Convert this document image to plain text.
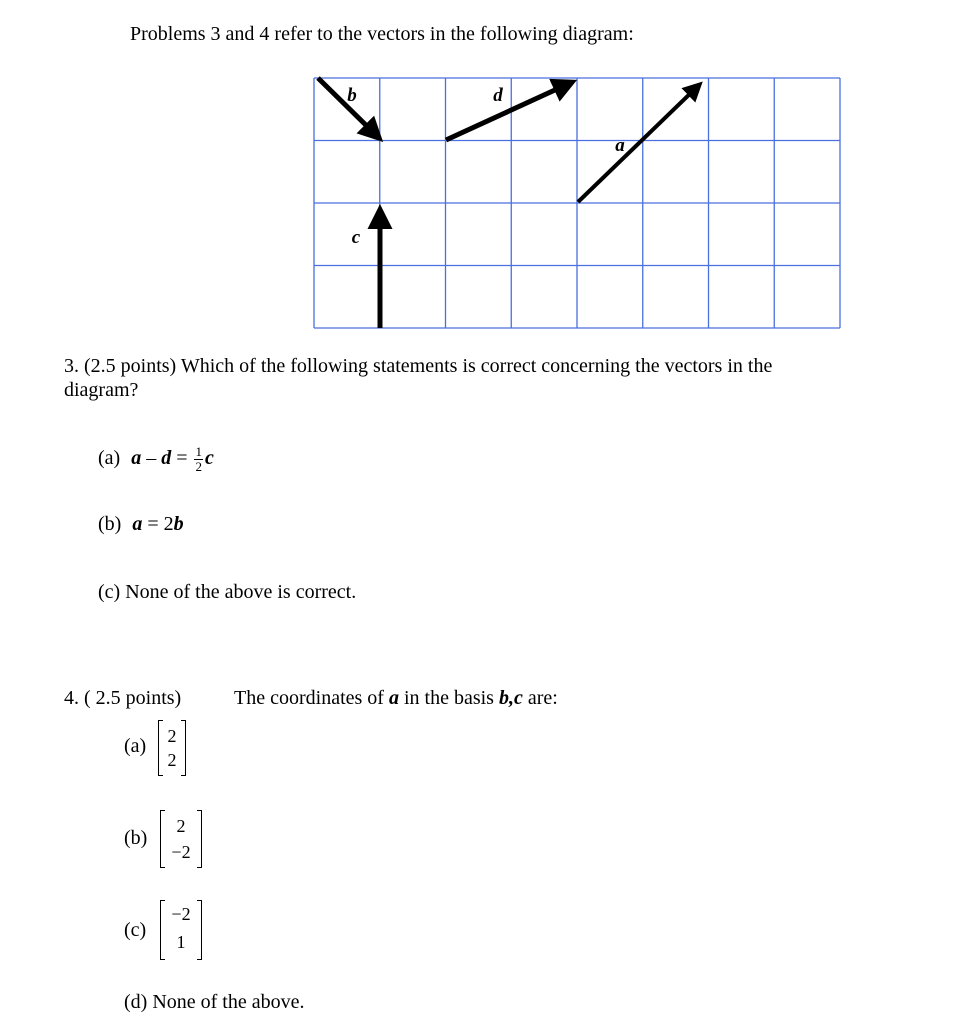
Problems 3 and 4 refer to the vectors in the following diagram:
b	d
a
c
3. (2.5 points) Which of the following statements is correct concerning the vectors in the
diagram?
(a) $a - d = \frac{1}{2}$ c
(b) a = 2b
(c) None of the above is correct.
4. ( 2.5 points)	The coordinates of a in the basis b,c are:
(a)	2
2
(b)
2
−2
(c)
−2
1
(d) None of the above.
